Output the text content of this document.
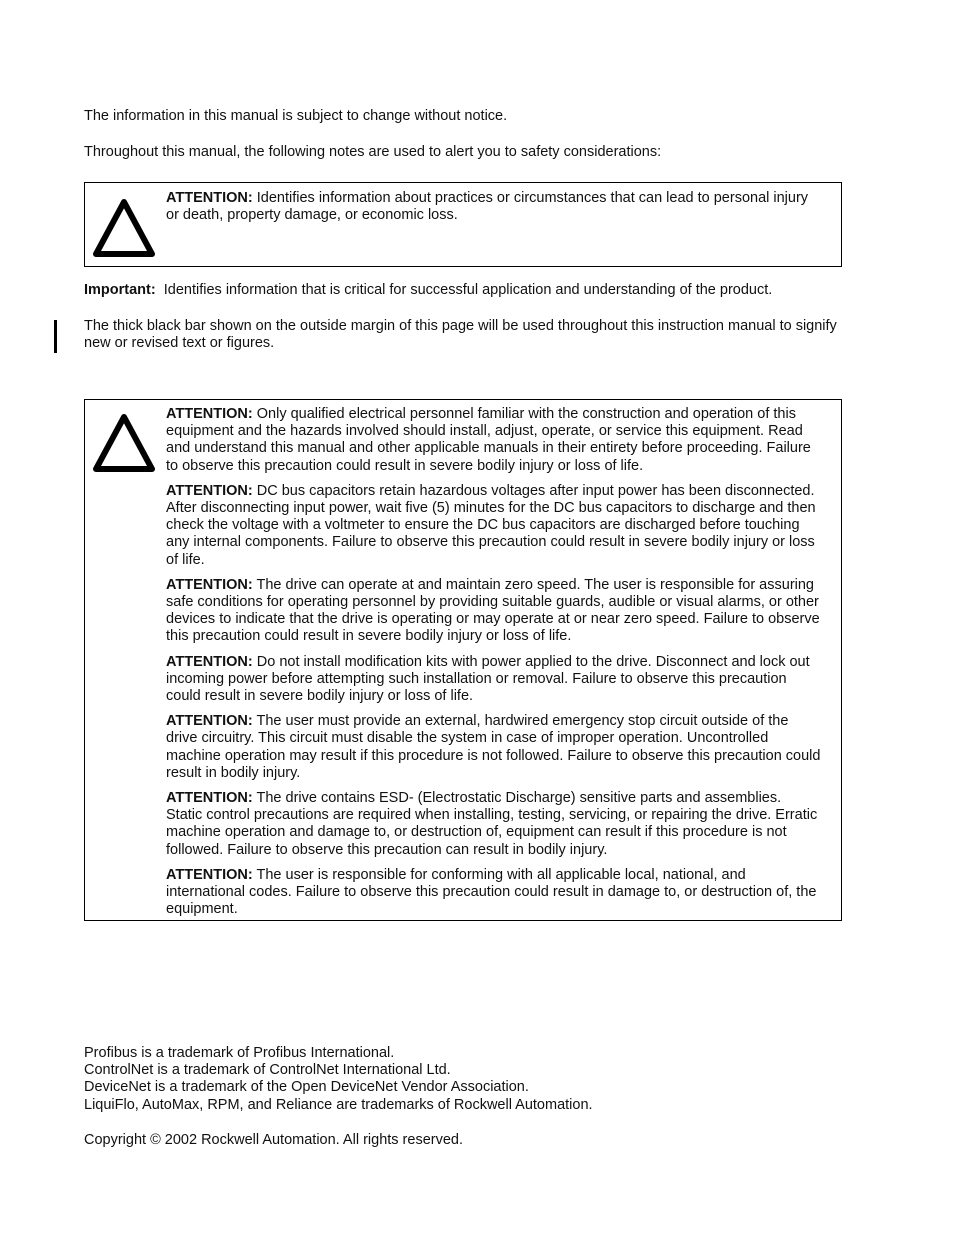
The information in this manual is subject to change without notice.

Throughout this manual, the following notes are used to alert you to safety considerations:

ATTENTION: Identifies information about practices or circumstances that can lead to personal injury or death, property damage, or economic loss.

Important: Identifies information that is critical for successful application and understanding of the product.

The thick black bar shown on the outside margin of this page will be used throughout this instruction manual to signify new or revised text or figures.

ATTENTION: Only qualified electrical personnel familiar with the construction and operation of this equipment and the hazards involved should install, adjust, operate, or service this equipment. Read and understand this manual and other applicable manuals in their entirety before proceeding. Failure to observe this precaution could result in severe bodily injury or loss of life.

ATTENTION: DC bus capacitors retain hazardous voltages after input power has been disconnected. After disconnecting input power, wait five (5) minutes for the DC bus capacitors to discharge and then check the voltage with a voltmeter to ensure the DC bus capacitors are discharged before touching any internal components. Failure to observe this precaution could result in severe bodily injury or loss of life.

ATTENTION: The drive can operate at and maintain zero speed. The user is responsible for assuring safe conditions for operating personnel by providing suitable guards, audible or visual alarms, or other devices to indicate that the drive is operating or may operate at or near zero speed. Failure to observe this precaution could result in severe bodily injury or loss of life.

ATTENTION: Do not install modification kits with power applied to the drive. Disconnect and lock out incoming power before attempting such installation or removal. Failure to observe this precaution could result in severe bodily injury or loss of life.

ATTENTION: The user must provide an external, hardwired emergency stop circuit outside of the drive circuitry. This circuit must disable the system in case of improper operation. Uncontrolled machine operation may result if this procedure is not followed. Failure to observe this precaution could result in bodily injury.

ATTENTION: The drive contains ESD- (Electrostatic Discharge) sensitive parts and assemblies. Static control precautions are required when installing, testing, servicing, or repairing the drive. Erratic machine operation and damage to, or destruction of, equipment can result if this procedure is not followed. Failure to observe this precaution can result in bodily injury.

ATTENTION: The user is responsible for conforming with all applicable local, national, and international codes. Failure to observe this precaution could result in damage to, or destruction of, the equipment.

Profibus is a trademark of Profibus International.
ControlNet is a trademark of ControlNet International Ltd.
DeviceNet is a trademark of the Open DeviceNet Vendor Association.
LiquiFlo, AutoMax, RPM, and Reliance are trademarks of Rockwell Automation.

Copyright © 2002 Rockwell Automation. All rights reserved.
